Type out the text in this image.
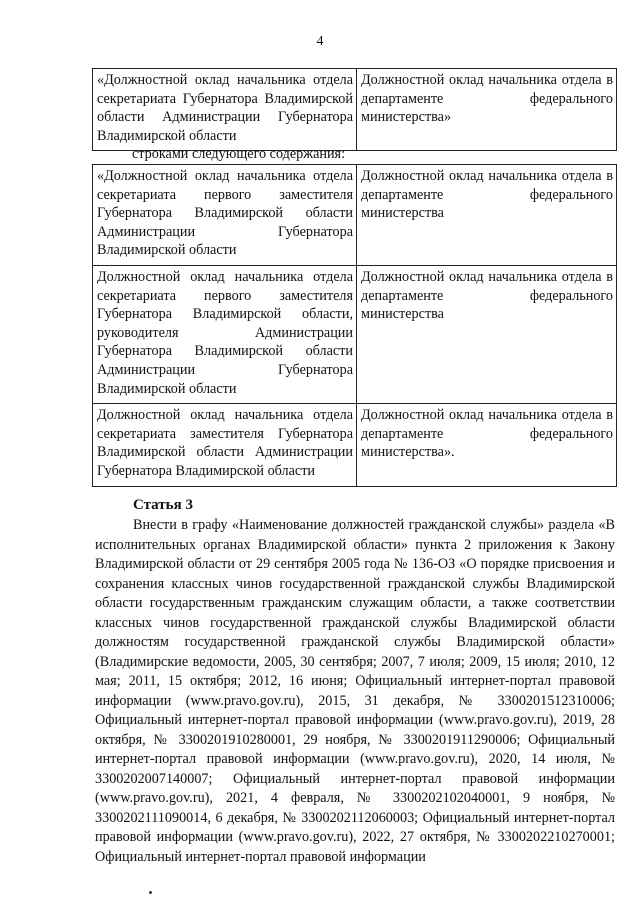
4
«Должностной оклад начальника отдела секретариата Губернатора Владимирской области Администрации Губернатора Владимирской области	Должностной оклад начальника отдела в департаменте федерального министерства»
строками следующего содержания:
«Должностной оклад начальника отдела секретариата первого заместителя Губернатора Владимирской области Администрации Губернатора Владимирской области	Должностной оклад начальника отдела в департаменте федерального министерства
Должностной оклад начальника отдела секретариата первого заместителя Губернатора Владимирской области, руководителя Администрации Губернатора Владимирской области Администрации Губернатора Владимирской области	Должностной оклад начальника отдела в департаменте федерального министерства
Должностной оклад начальника отдела секретариата заместителя Губернатора Владимирской области Администрации Губернатора Владимирской области	Должностной оклад начальника отдела в департаменте федерального министерства».
Статья 3
Внести в графу «Наименование должностей гражданской службы» раздела «В исполнительных органах Владимирской области» пункта 2 приложения к Закону Владимирской области от 29 сентября 2005 года № 136-ОЗ «О порядке присвоения и сохранения классных чинов государственной гражданской службы Владимирской области государственным гражданским служащим области, а также соответствии классных чинов государственной гражданской службы Владимирской области должностям государственной гражданской службы Владимирской области» (Владимирские ведомости, 2005, 30 сентября; 2007, 7 июля; 2009, 15 июля; 2010, 12 мая; 2011, 15 октября; 2012, 16 июня; Официальный интернет-портал правовой информации (www.pravo.gov.ru), 2015, 31 декабря, № 3300201512310006; Официальный интернет-портал правовой информации (www.pravo.gov.ru), 2019, 28 октября, № 3300201910280001, 29 ноября, № 3300201911290006; Официальный интернет-портал правовой информации (www.pravo.gov.ru), 2020, 14 июля, № 3300202007140007; Официальный интернет-портал правовой информации (www.pravo.gov.ru), 2021, 4 февраля, № 3300202102040001, 9 ноября, № 3300202111090014, 6 декабря, № 3300202112060003; Официальный интернет-портал правовой информации (www.pravo.gov.ru), 2022, 27 октября, № 3300202210270001; Официальный интернет-портал правовой информации
